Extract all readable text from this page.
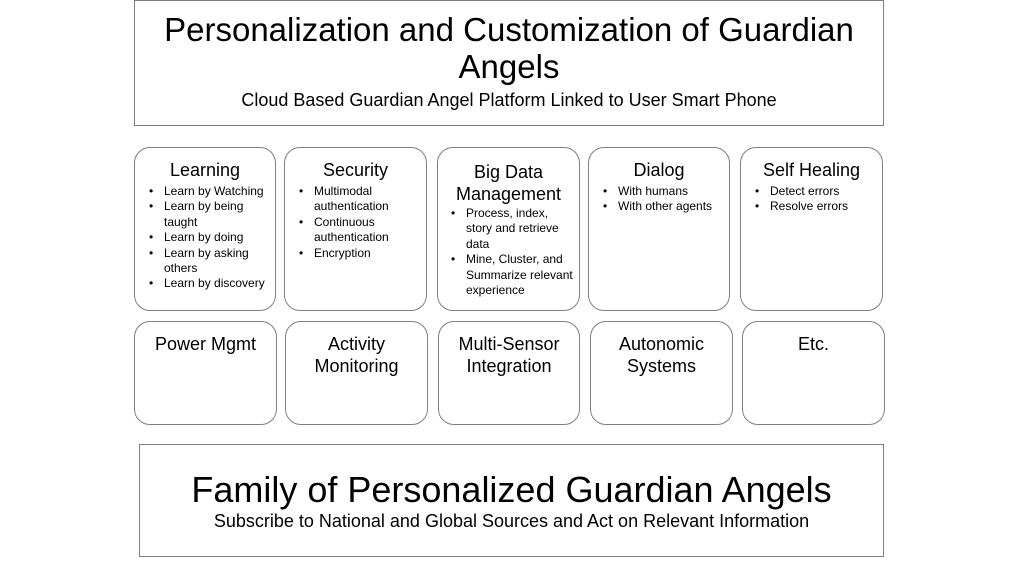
Personalization and Customization of Guardian Angels
Cloud Based Guardian Angel Platform Linked to User Smart Phone
Learning
• Learn by Watching
• Learn by being taught
• Learn by doing
• Learn by asking others
• Learn by discovery
Security
• Multimodal authentication
• Continuous authentication
• Encryption
Big Data Management
• Process, index, story and retrieve data
• Mine, Cluster, and Summarize relevant experience
Dialog
• With humans
• With other agents
Self Healing
• Detect errors
• Resolve errors
Power Mgmt	Activity Monitoring
Multi-Sensor Integration
Autonomic Systems
Etc.
Family of Personalized Guardian Angels
Subscribe to National and Global Sources and Act on Relevant Information
